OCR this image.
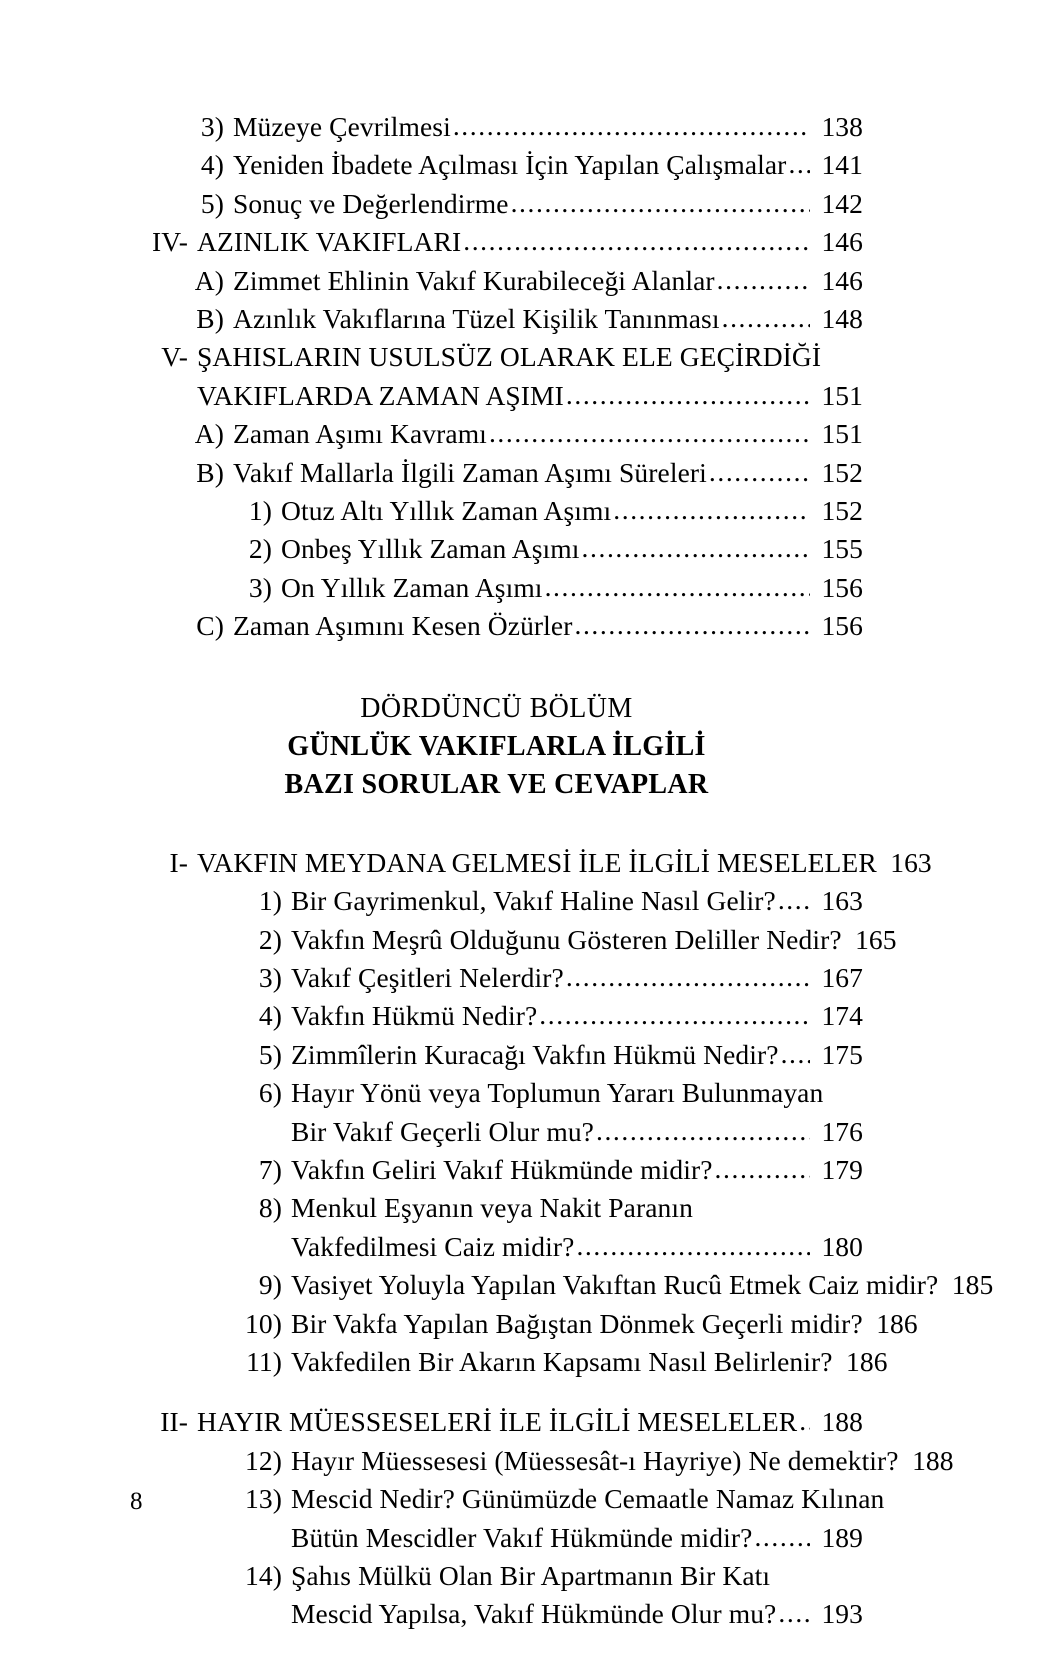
3) Müzeye Çevrilmesi .....	138
4) Yeniden İbadete Açılması İçin Yapılan Çalışmalar .....	141
5) Sonuç ve Değerlendirme .....	142
IV- AZINLIK VAKIFLARI .....	146
A) Zimmet Ehlinin Vakıf Kurabileceği Alanlar .....	146
B) Azınlık Vakıflarına Tüzel Kişilik Tanınması .....	148
V- ŞAHISLARIN USULSÜZ OLARAK ELE GEÇİRDİĞİ
VAKIFLARDA ZAMAN AŞIMI .....	151
A) Zaman Aşımı Kavramı .....	151
B) Vakıf Mallarla İlgili Zaman Aşımı Süreleri .....	152
1) Otuz Altı Yıllık Zaman Aşımı .....	152
2) Onbeş Yıllık Zaman Aşımı .....	155
3) On Yıllık Zaman Aşımı .....	156
C) Zaman Aşımını Kesen Özürler .....	156
DÖRDÜNCÜ BÖLÜM
GÜNLÜK VAKIFLARLA İLGİLİ
BAZI SORULAR VE CEVAPLAR
I- VAKFIN MEYDANA GELMESİ İLE İLGİLİ MESELELER 163
1) Bir Gayrimenkul, Vakıf Haline Nasıl Gelir? .....	163
2) Vakfın Meşrû Olduğunu Gösteren Deliller Nedir? 165
3) Vakıf Çeşitleri Nelerdir? .....	167
4) Vakfın Hükmü Nedir? .....	174
5) Zimmîlerin Kuracağı Vakfın Hükmü Nedir? .....	175
6) Hayır Yönü veya Toplumun Yararı Bulunmayan
Bir Vakıf Geçerli Olur mu? .....	176
7) Vakfın Geliri Vakıf Hükmünde midir? .....	179
8) Menkul Eşyanın veya Nakit Paranın
Vakfedilmesi Caiz midir? .....	180
9) Vasiyet Yoluyla Yapılan Vakıftan Rucû Etmek Caiz midir? 185
10) Bir Vakfa Yapılan Bağıştan Dönmek Geçerli midir? 186
11) Vakfedilen Bir Akarın Kapsamı Nasıl Belirlenir? 186
II- HAYIR MÜESSESELERİ İLE İLGİLİ MESELELER ..... 188
12) Hayır Müessesesi (Müessesât-ı Hayriye) Ne demektir? 188
13) Mescid Nedir? Günümüzde Cemaatle Namaz Kılınan
Bütün Mescidler Vakıf Hükmünde midir? .....	189
14) Şahıs Mülkü Olan Bir Apartmanın Bir Katı
Mescid Yapılsa, Vakıf Hükmünde Olur mu? .....	193
8
